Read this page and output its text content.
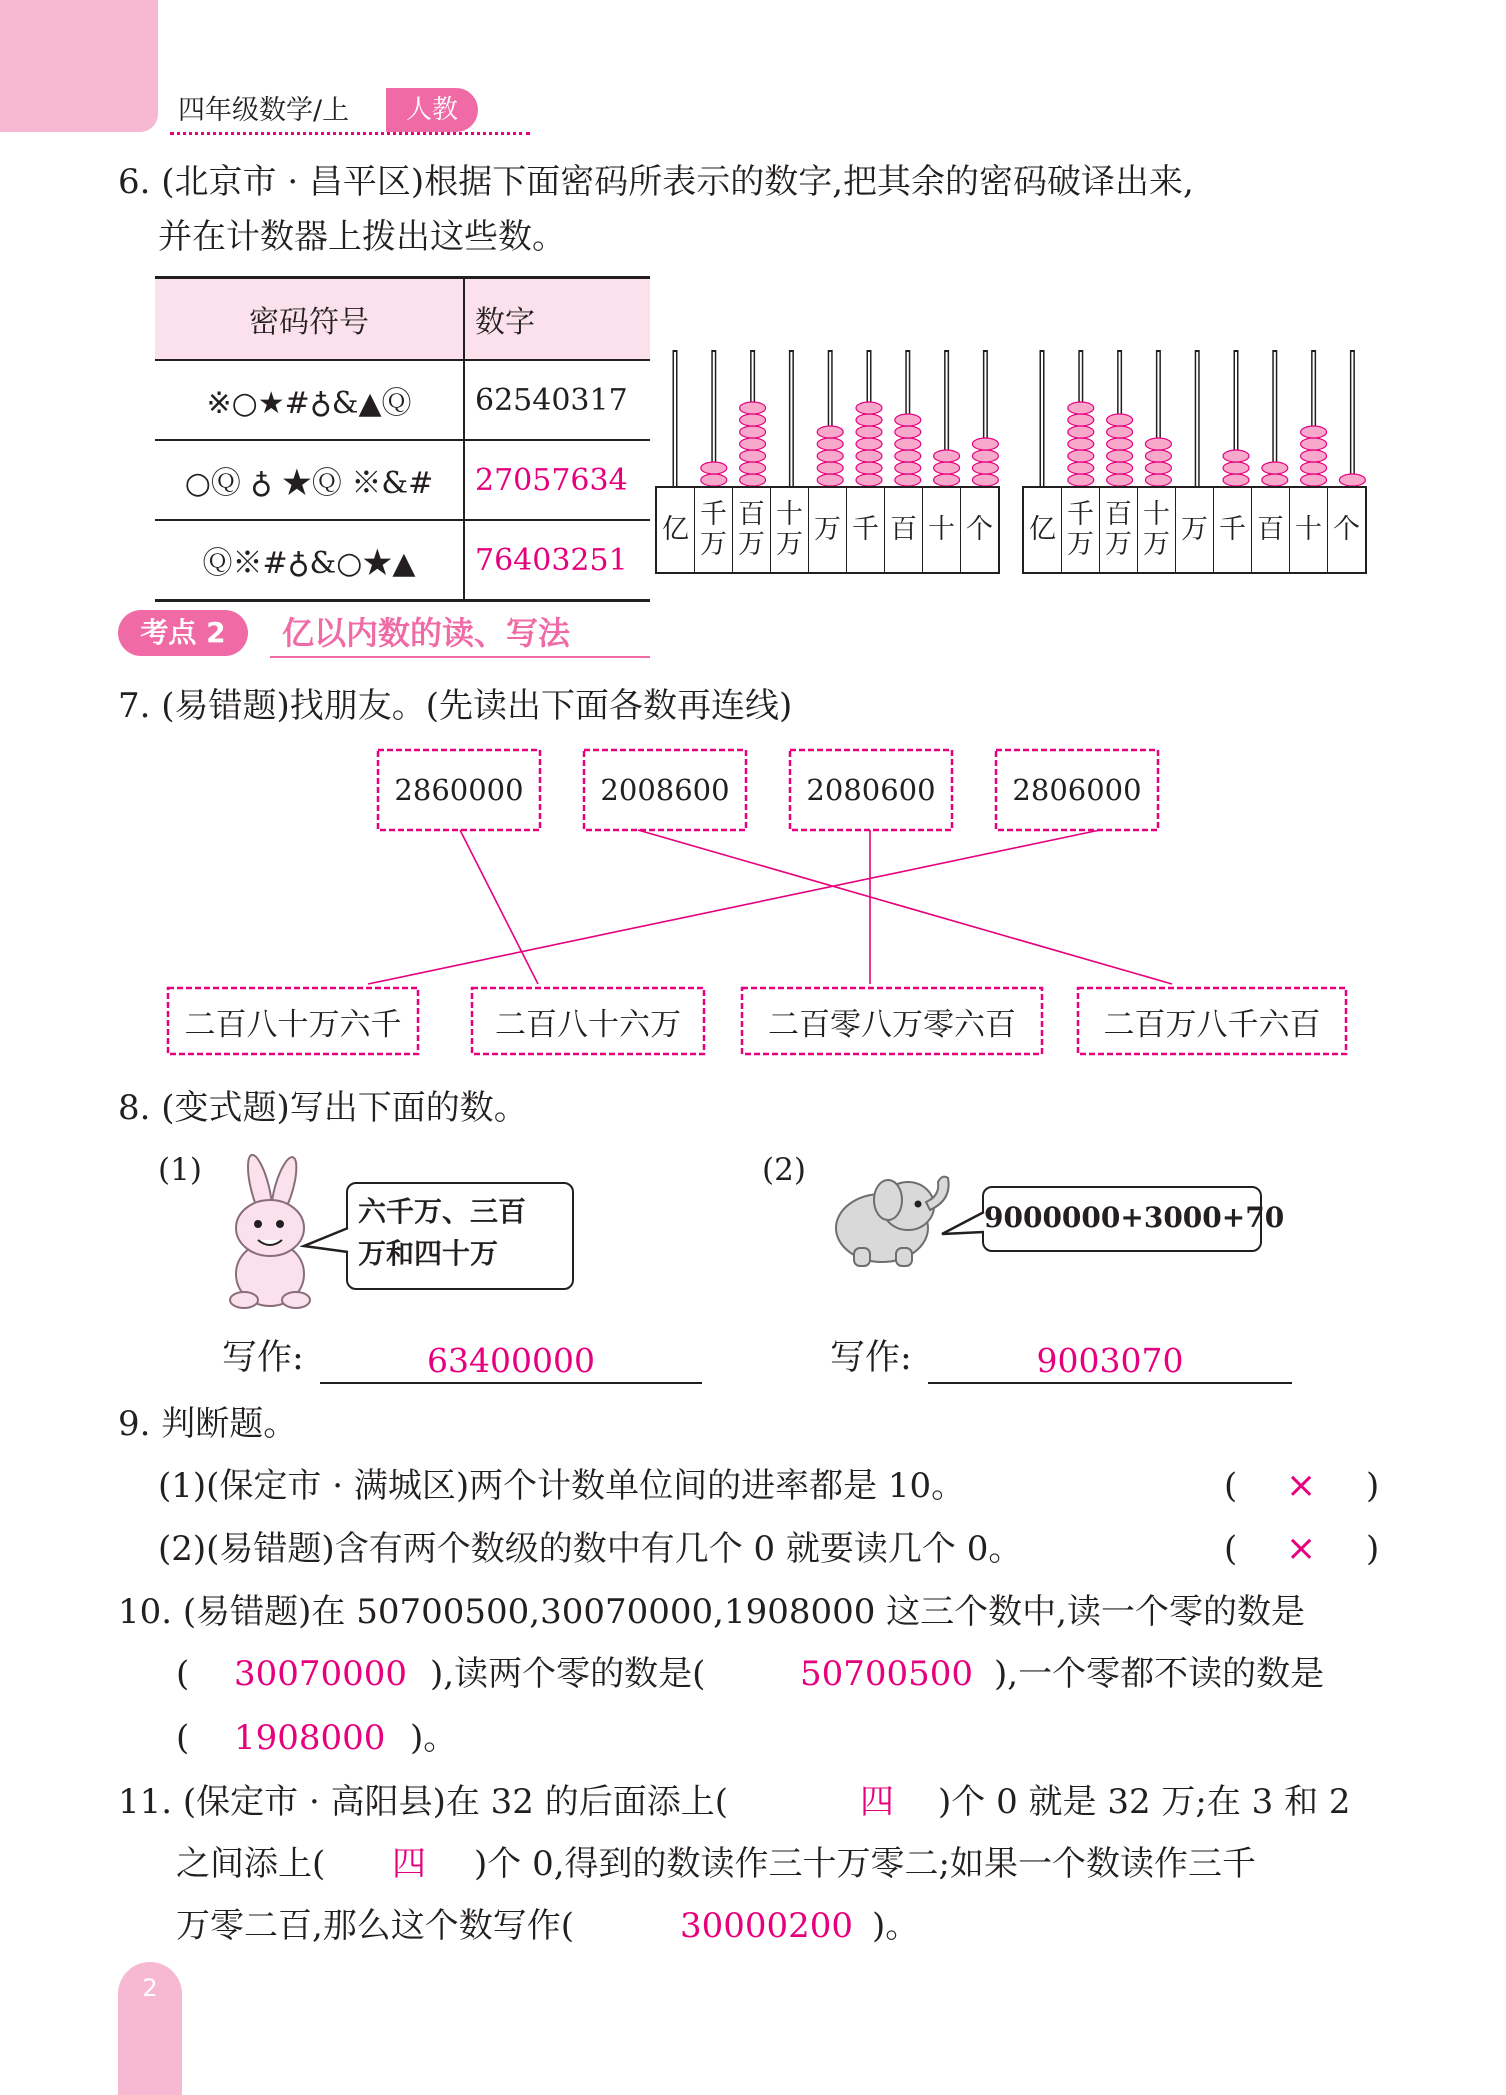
四年级数学/上	人教
6. (北京市 · 昌平区)根据下面密码所表示的数字,把其余的密码破译出来,
并在计数器上拨出这些数。
密码符号	数字
※○★#♁&▲Ⓠ	62540317
○Ⓠ ♁ ★Ⓠ ※&#	27057634
Ⓠ※#♁&○★▲	76403251
亿 千万
百万
十万 万 千 百 十 个 亿 千万
百万
十万 万 千 百 十 个
考点 2	亿以内数的读、写法
7. (易错题)找朋友。(先读出下面各数再连线)
2860000	2008600	2080600	2806000
二百八十万六千	二百八十六万	二百零八万零六百	二百万八千六百
8. (变式题)写出下面的数。
(1)
六千万、三百
万和四十万
(2)
9000000+3000+70
写作:	63400000	写作:	9003070
9. 判断题。
(1)(保定市 · 满城区)两个计数单位间的进率都是 10。	( × )
(2)(易错题)含有两个数级的数中有几个 0 就要读几个 0。	( × )
10. (易错题)在 50700500,30070000,1908000 这三个数中,读一个零的数是
( 30070000 ),读两个零的数是(	50700500 ),一个零都不读的数是
( 1908000 )。
11. (保定市 · 高阳县)在 32 的后面添上(	四 )个 0 就是 32 万;在 3 和 2
之间添上( 四 )个 0,得到的数读作三十万零二;如果一个数读作三千
万零二百,那么这个数写作(	30000200 )。
2
